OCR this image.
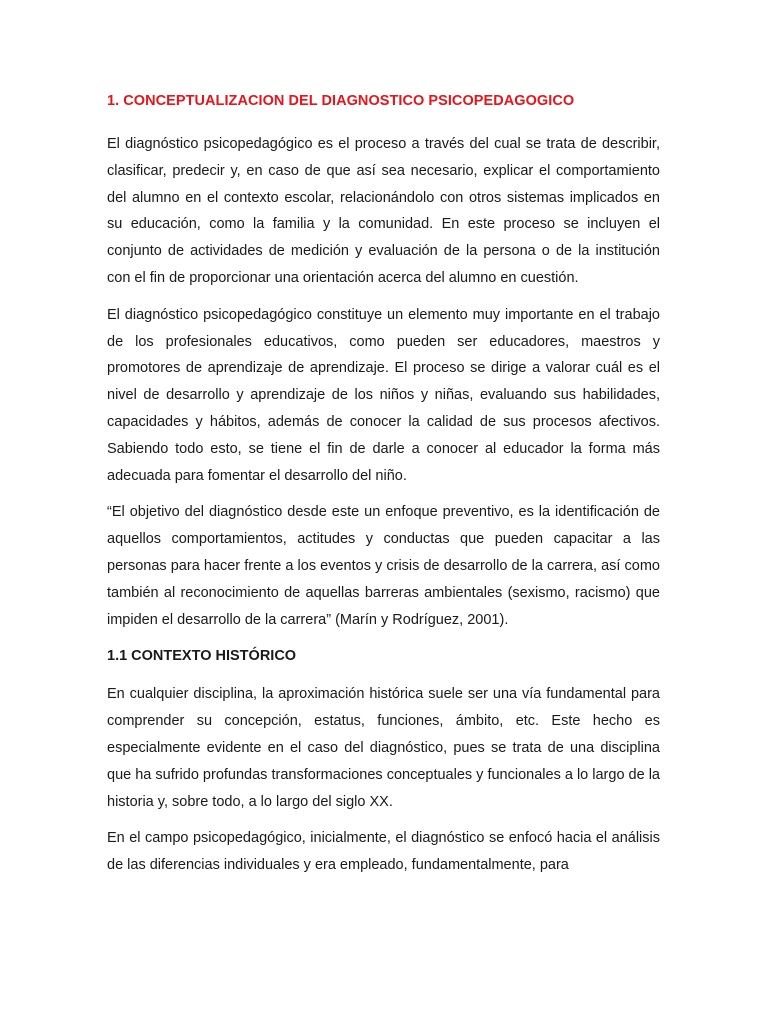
1. CONCEPTUALIZACION DEL DIAGNOSTICO PSICOPEDAGOGICO

El diagnóstico psicopedagógico es el proceso a través del cual se trata de describir, clasificar, predecir y, en caso de que así sea necesario, explicar el comportamiento del alumno en el contexto escolar, relacionándolo con otros sistemas implicados en su educación, como la familia y la comunidad. En este proceso se incluyen el conjunto de actividades de medición y evaluación de la persona o de la institución con el fin de proporcionar una orientación acerca del alumno en cuestión.

El diagnóstico psicopedagógico constituye un elemento muy importante en el trabajo de los profesionales educativos, como pueden ser educadores, maestros y promotores de aprendizaje de aprendizaje. El proceso se dirige a valorar cuál es el nivel de desarrollo y aprendizaje de los niños y niñas, evaluando sus habilidades, capacidades y hábitos, además de conocer la calidad de sus procesos afectivos. Sabiendo todo esto, se tiene el fin de darle a conocer al educador la forma más adecuada para fomentar el desarrollo del niño.

“El objetivo del diagnóstico desde este un enfoque preventivo, es la identificación de aquellos comportamientos, actitudes y conductas que pueden capacitar a las personas para hacer frente a los eventos y crisis de desarrollo de la carrera, así como también al reconocimiento de aquellas barreras ambientales (sexismo, racismo) que impiden el desarrollo de la carrera” (Marín y Rodríguez, 2001).

1.1 CONTEXTO HISTÓRICO

En cualquier disciplina, la aproximación histórica suele ser una vía fundamental para comprender su concepción, estatus, funciones, ámbito, etc. Este hecho es especialmente evidente en el caso del diagnóstico, pues se trata de una disciplina que ha sufrido profundas transformaciones conceptuales y funcionales a lo largo de la historia y, sobre todo, a lo largo del siglo XX.

En el campo psicopedagógico, inicialmente, el diagnóstico se enfocó hacia el análisis de las diferencias individuales y era empleado, fundamentalmente, para
